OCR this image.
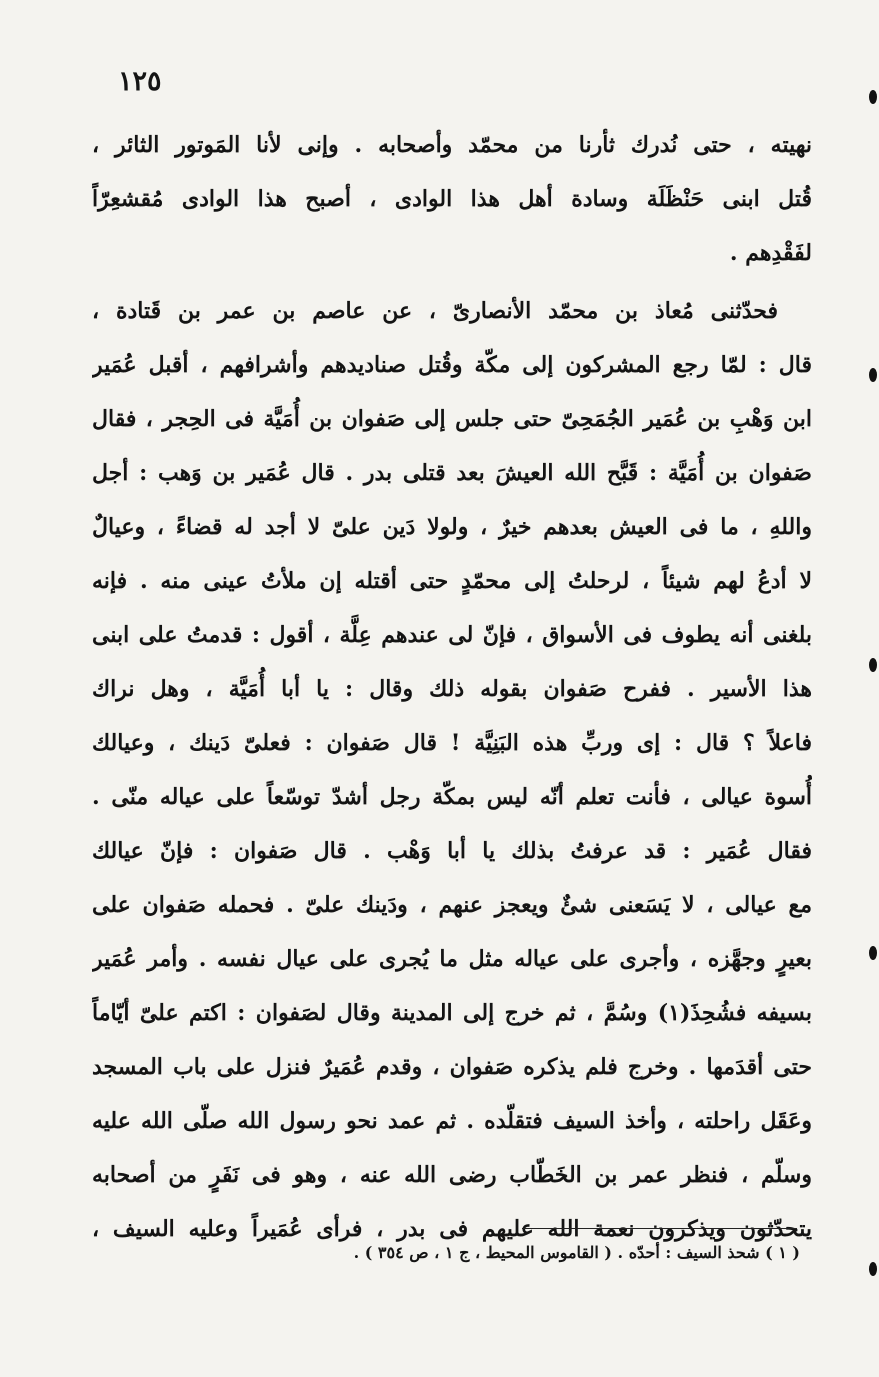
١٢٥
نهيته ، حتى نُدرك ثأرنا من محمّد وأصحابه . وإنى لأنا المَوتور الثائر ،
قُتل ابنى حَنْظَلَة وسادة أهل هذا الوادى ، أصبح هذا الوادى مُقشعِرّاً
لفَقْدِهم .
فحدّثنى مُعاذ بن محمّد الأنصارىّ ، عن عاصم بن عمر بن قَتادة ،
قال : لمّا رجع المشركون إلى مكّة وقُتل صناديدهم وأشرافهم ، أقبل عُمَير
ابن وَهْبِ بن عُمَير الجُمَحِىّ حتى جلس إلى صَفوان بن أُمَيَّة فى الحِجر ، فقال
صَفوان بن أُمَيَّة : قَبَّح الله العيشَ بعد قتلى بدر . قال عُمَير بن وَهب : أجل
واللهِ ، ما فى العيش بعدهم خيرٌ ، ولولا دَين علىّ لا أجد له قضاءً ، وعيالٌ
لا أدعُ لهم شيئاً ، لرحلتُ إلى محمّدٍ حتى أقتله إن ملأتُ عينى منه . فإنه
بلغنى أنه يطوف فى الأسواق ، فإنّ لى عندهم عِلَّة ، أقول : قدمتُ على ابنى
هذا الأسير . ففرح صَفوان بقوله ذلك وقال : يا أبا أُمَيَّة ، وهل نراك
فاعلاً ؟ قال : إى وربِّ هذه البَنِيَّة ! قال صَفوان : فعلىّ دَينك ، وعيالك
أُسوة عيالى ، فأنت تعلم أنّه ليس بمكّة رجل أشدّ توسّعاً على عياله منّى .
فقال عُمَير : قد عرفتُ بذلك يا أبا وَهْب . قال صَفوان : فإنّ عيالك
مع عيالى ، لا يَسَعنى شئٌ ويعجز عنهم ، ودَينك علىّ . فحمله صَفوان على
بعيرٍ وجهَّزه ، وأجرى على عياله مثل ما يُجرى على عيال نفسه . وأمر عُمَير
بسيفه فشُحِذَ(١) وسُمَّ ، ثم خرج إلى المدينة وقال لصَفوان : اكتم علىّ أيّاماً
حتى أقدَمها . وخرج فلم يذكره صَفوان ، وقدم عُمَيرٌ فنزل على باب المسجد
وعَقَل راحلته ، وأخذ السيف فتقلّده . ثم عمد نحو رسول الله صلّى الله عليه
وسلّم ، فنظر عمر بن الخَطّاب رضى الله عنه ، وهو فى نَفَرٍ من أصحابه
يتحدّثون ويذكرون نعمة الله عليهم فى بدر ، فرأى عُمَيراً وعليه السيف ،
( ١ ) شحذ السيف : أحدّه . ( القاموس المحيط ، ج ١ ، ص ٣٥٤ ) .
